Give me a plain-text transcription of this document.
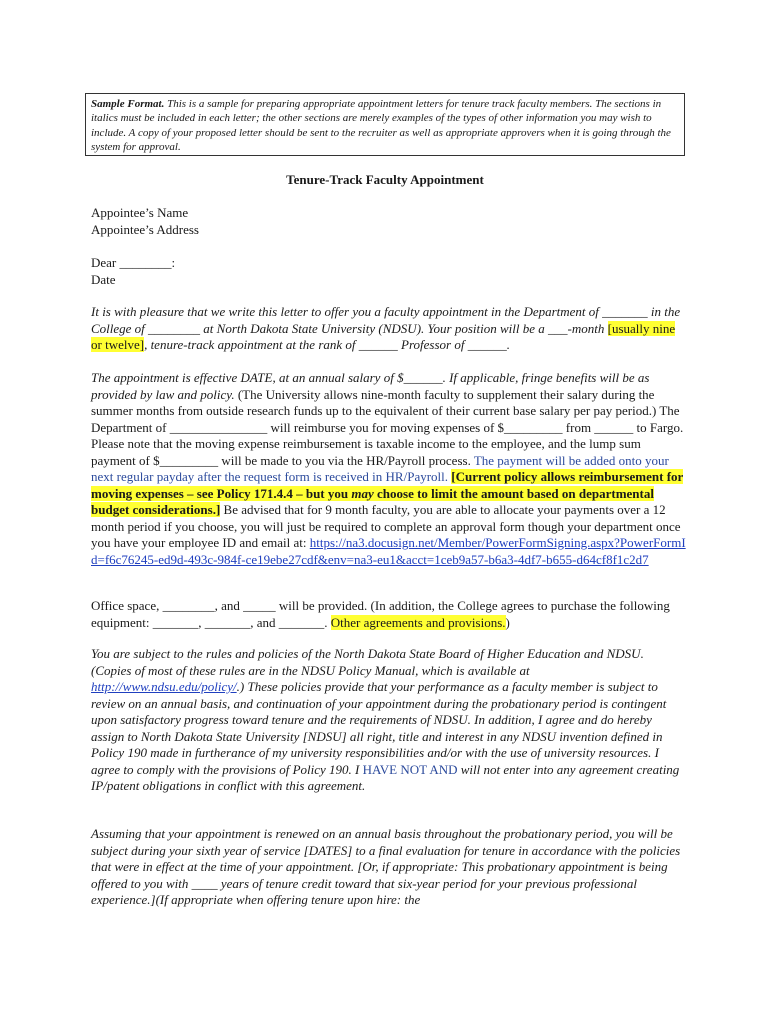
Sample Format. This is a sample for preparing appropriate appointment letters for tenure track faculty members. The sections in italics must be included in each letter; the other sections are merely examples of the types of other information you may wish to include. A copy of your proposed letter should be sent to the recruiter as well as appropriate approvers when it is going through the system for approval.
Tenure-Track Faculty Appointment
Appointee’s Name
Appointee’s Address
Dear ________:
Date
It is with pleasure that we write this letter to offer you a faculty appointment in the Department of _______ in the College of ________ at North Dakota State University (NDSU). Your position will be a ___-month [usually nine or twelve], tenure-track appointment at the rank of ______ Professor of ______.
The appointment is effective DATE, at an annual salary of $______. If applicable, fringe benefits will be as provided by law and policy. (The University allows nine-month faculty to supplement their salary during the summer months from outside research funds up to the equivalent of their current base salary per pay period.) The Department of _______________ will reimburse you for moving expenses of $_________ from ______ to Fargo. Please note that the moving expense reimbursement is taxable income to the employee, and the lump sum payment of $_________ will be made to you via the HR/Payroll process. The payment will be added onto your next regular payday after the request form is received in HR/Payroll. [Current policy allows reimbursement for moving expenses – see Policy 171.4.4 – but you may choose to limit the amount based on departmental budget considerations.] Be advised that for 9 month faculty, you are able to allocate your payments over a 12 month period if you choose, you will just be required to complete an approval form though your department once you have your employee ID and email at: https://na3.docusign.net/Member/PowerFormSigning.aspx?PowerFormId=f6c76245-ed9d-493c-984f-ce19ebe27cdf&env=na3-eu1&acct=1ceb9a57-b6a3-4df7-b655-d64cf8f1c2d7
Office space, ________, and _____ will be provided. (In addition, the College agrees to purchase the following equipment: _______, _______, and _______. Other agreements and provisions.)
You are subject to the rules and policies of the North Dakota State Board of Higher Education and NDSU. (Copies of most of these rules are in the NDSU Policy Manual, which is available at http://www.ndsu.edu/policy/.) These policies provide that your performance as a faculty member is subject to review on an annual basis, and continuation of your appointment during the probationary period is contingent upon satisfactory progress toward tenure and the requirements of NDSU. In addition, I agree and do hereby assign to North Dakota State University [NDSU] all right, title and interest in any NDSU invention defined in Policy 190 made in furtherance of my university responsibilities and/or with the use of university resources. I agree to comply with the provisions of Policy 190. I HAVE NOT AND will not enter into any agreement creating IP/patent obligations in conflict with this agreement.
Assuming that your appointment is renewed on an annual basis throughout the probationary period, you will be subject during your sixth year of service [DATES] to a final evaluation for tenure in accordance with the policies that were in effect at the time of your appointment. [Or, if appropriate: This probationary appointment is being offered to you with ____ years of tenure credit toward that six-year period for your previous professional experience.](If appropriate when offering tenure upon hire: the
